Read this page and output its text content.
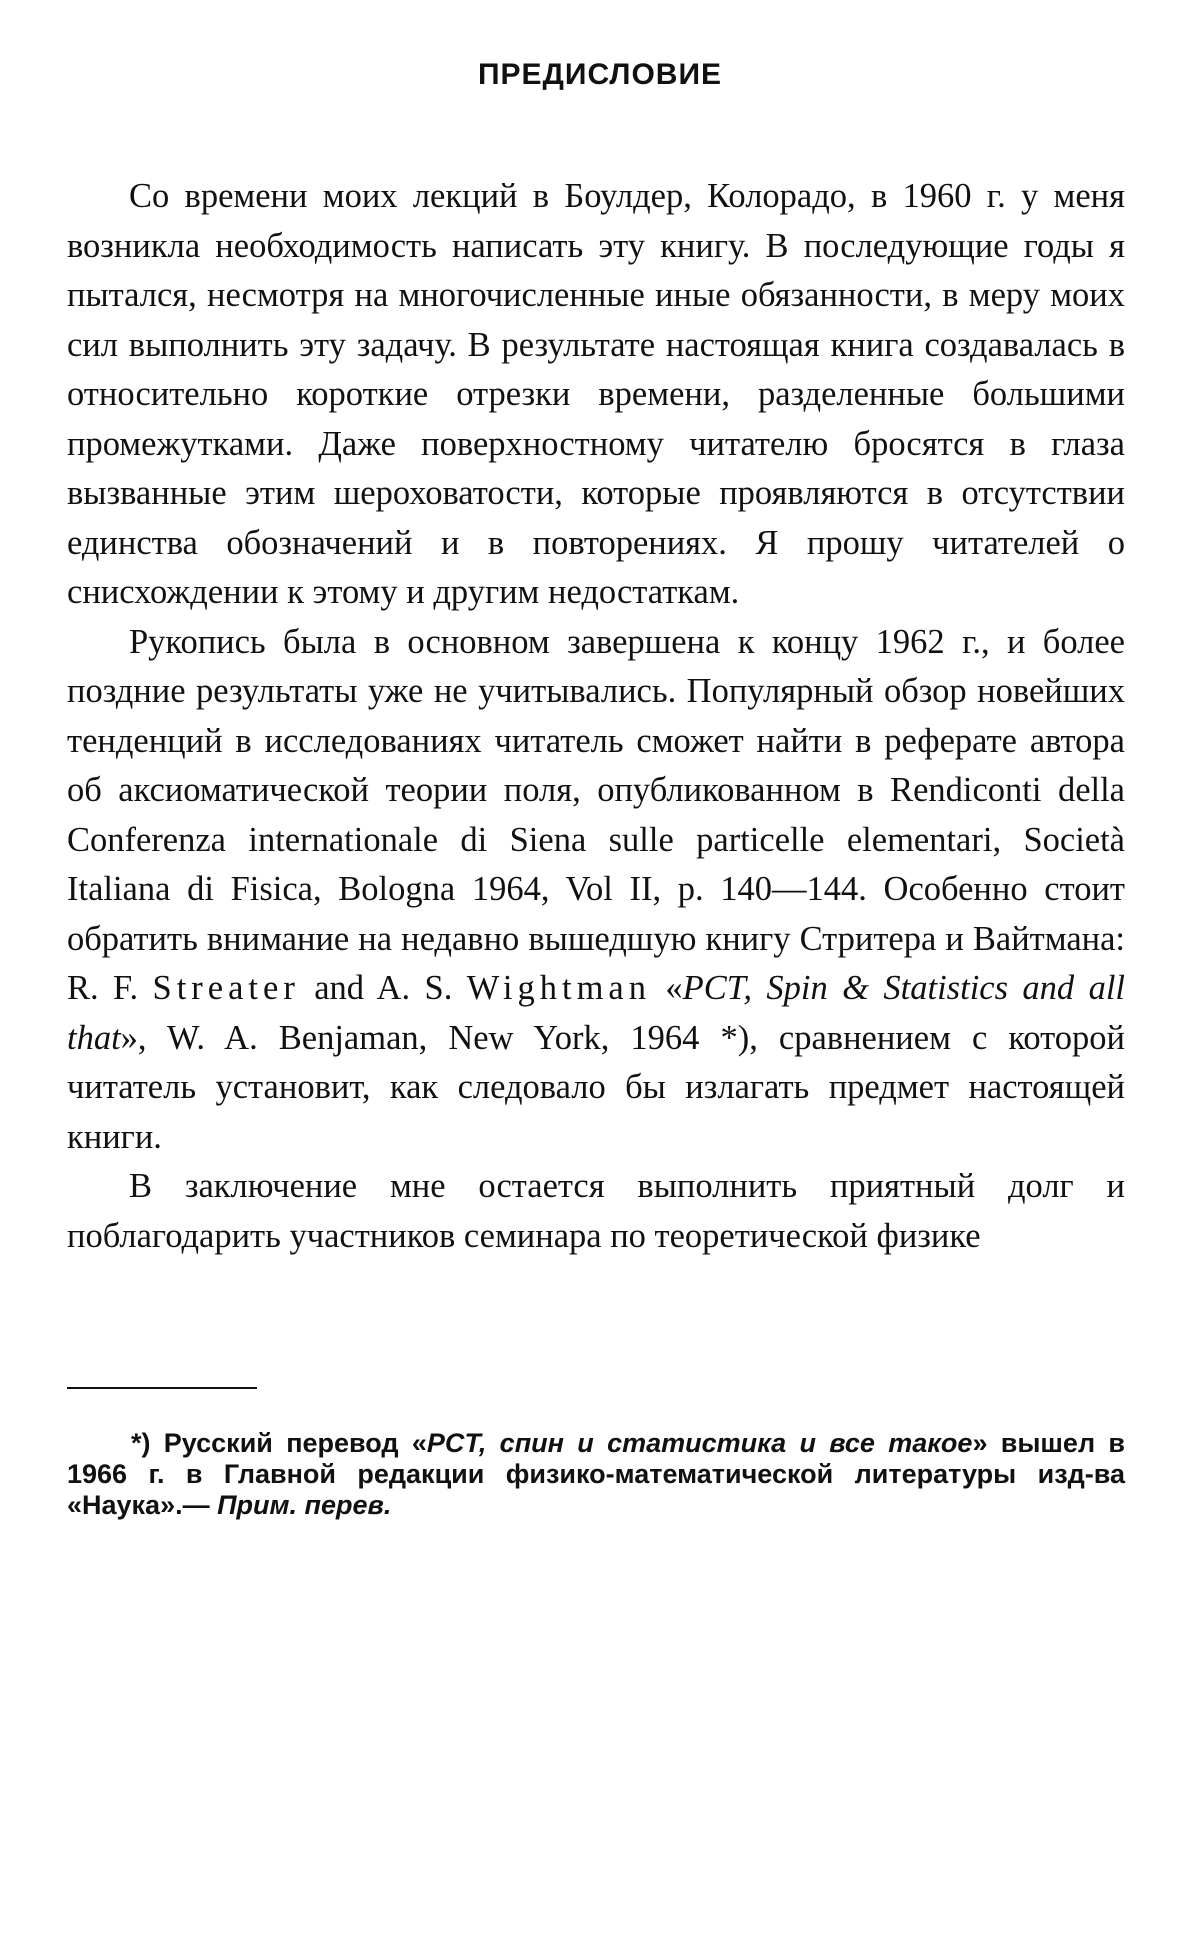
ПРЕДИСЛОВИЕ

Со времени моих лекций в Боулдер, Колорадо, в 1960 г. у меня возникла необходимость написать эту книгу. В последующие годы я пытался, несмотря на многочисленные иные обязанности, в меру моих сил выполнить эту задачу. В результате настоящая книга создавалась в относительно короткие отрезки времени, разделенные большими промежутками. Даже поверхностному читателю бросятся в глаза вызванные этим шероховатости, которые проявляются в отсутствии единства обозначений и в повторениях. Я прошу читателей о снисхождении к этому и другим недостаткам.

Рукопись была в основном завершена к концу 1962 г., и более поздние результаты уже не учитывались. Популярный обзор новейших тенденций в исследованиях читатель сможет найти в реферате автора об аксиоматической теории поля, опубликованном в Rendiconti della Conferenza internationale di Siena sulle particelle elementari, Società Italiana di Fisica, Bologna 1964, Vol II, p. 140—144. Особенно стоит обратить внимание на недавно вышедшую книгу Стритера и Вайтмана: R. F. Streater and A. S. Wightman «PCT, Spin & Statistics and all that», W. A. Benjaman, New York, 1964 *), сравнением с которой читатель установит, как следовало бы излагать предмет настоящей книги.

В заключение мне остается выполнить приятный долг и поблагодарить участников семинара по теоретической физике

*) Русский перевод «PCT, спин и статистика и все такое» вышел в 1966 г. в Главной редакции физико-математической литературы изд-ва «Наука».— Прим. перев.
